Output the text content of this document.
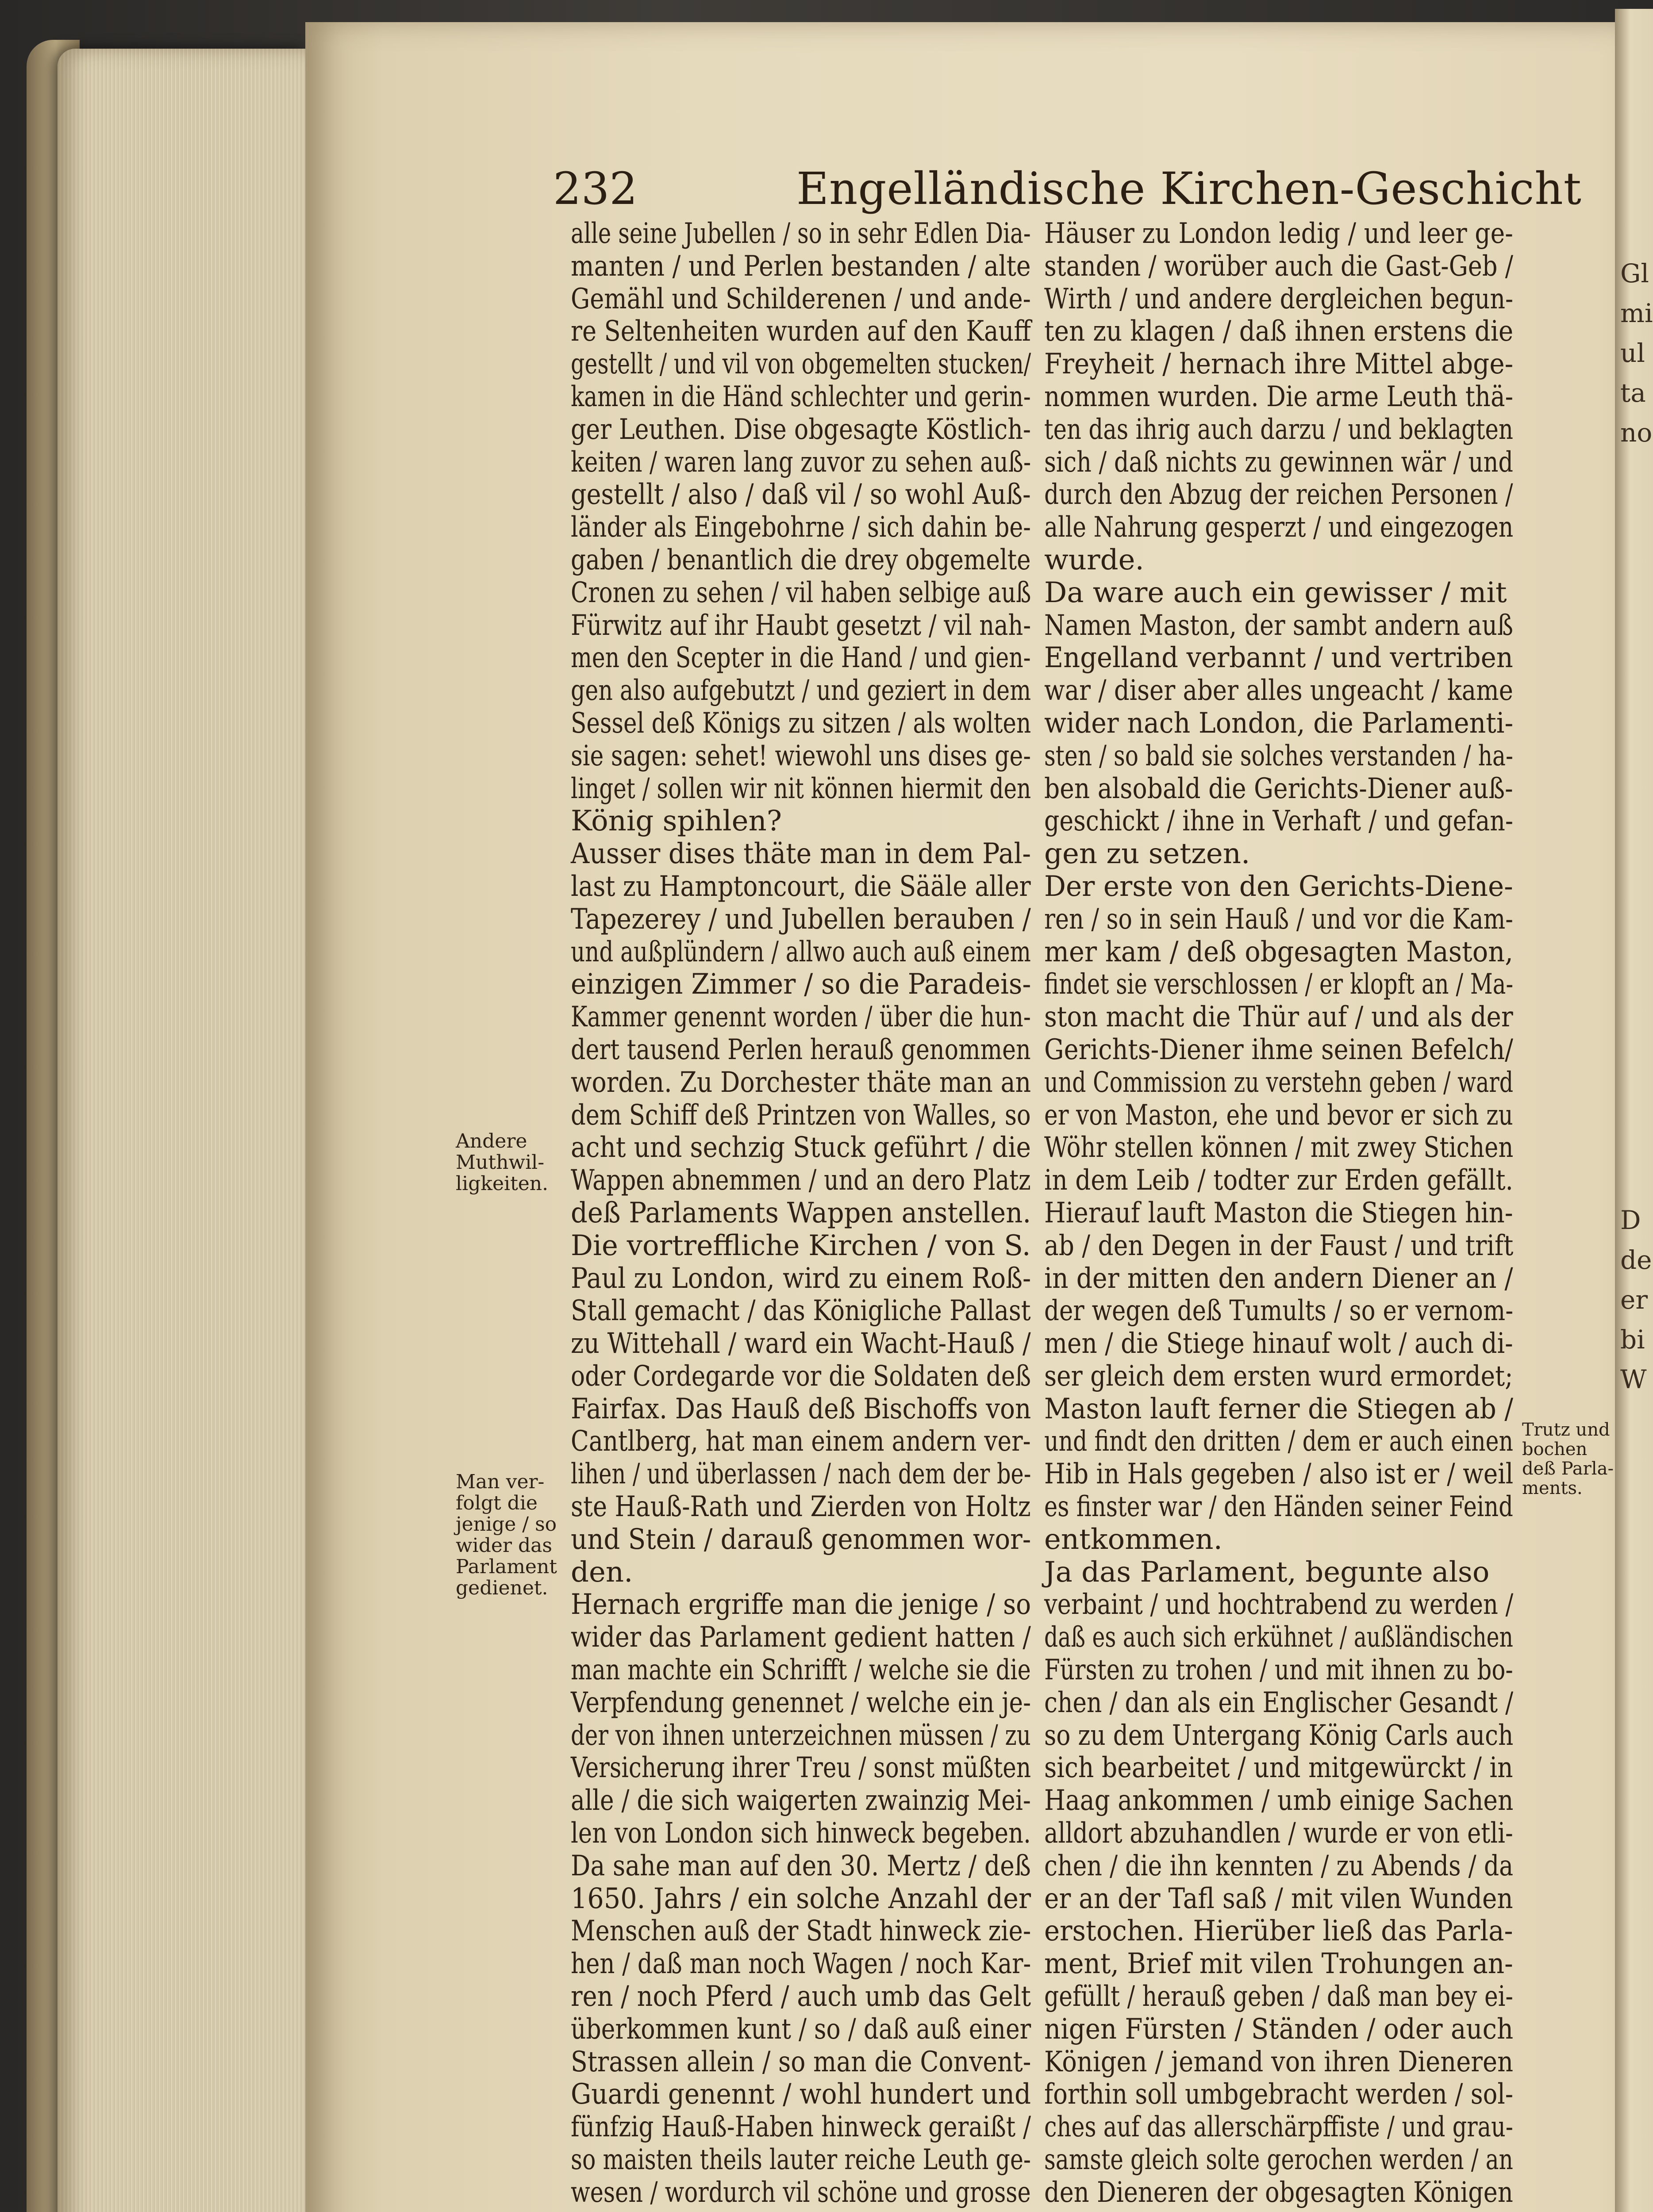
Gl
mi
ul
ta
no
D
de
er
bi
W
232	Engelländische Kirchen-Geschicht
alle seine Jubellen / so in sehr Edlen Dia-
manten / und Perlen bestanden / alte
Gemähl und Schilderenen / und ande-
re Seltenheiten wurden auf den Kauff
gestellt / und vil von obgemelten stucken/
kamen in die Händ schlechter und gerin-
ger Leuthen. Dise obgesagte Köstlich-
keiten / waren lang zuvor zu sehen auß-
gestellt / also / daß vil / so wohl Auß-
länder als Eingebohrne / sich dahin be-
gaben / benantlich die drey obgemelte
Cronen zu sehen / vil haben selbige auß
Fürwitz auf ihr Haubt gesetzt / vil nah-
men den Scepter in die Hand / und gien-
gen also aufgebutzt / und geziert in dem
Sessel deß Königs zu sitzen / als wolten
sie sagen: sehet! wiewohl uns dises ge-
linget / sollen wir nit können hiermit den
König spihlen?
Ausser dises thäte man in dem Pal-
last zu Hamptoncourt, die Sääle aller
Tapezerey / und Jubellen berauben /
und außplündern / allwo auch auß einem
einzigen Zimmer / so die Paradeis-
Kammer genennt worden / über die hun-
dert tausend Perlen herauß genommen
worden. Zu Dorchester thäte man an
dem Schiff deß Printzen von Walles, so
acht und sechzig Stuck geführt / die
Wappen abnemmen / und an dero Platz
deß Parlaments Wappen anstellen.
Die vortreffliche Kirchen / von S.
Paul zu London, wird zu einem Roß-
Stall gemacht / das Königliche Pallast
zu Wittehall / ward ein Wacht-Hauß /
oder Cordegarde vor die Soldaten deß
Fairfax. Das Hauß deß Bischoffs von
Cantlberg, hat man einem andern ver-
lihen / und überlassen / nach dem der be-
ste Hauß-Rath und Zierden von Holtz
und Stein / darauß genommen wor-
den.
Hernach ergriffe man die jenige / so
wider das Parlament gedient hatten /
man machte ein Schrifft / welche sie die
Verpfendung genennet / welche ein je-
der von ihnen unterzeichnen müssen / zu
Versicherung ihrer Treu / sonst müßten
alle / die sich waigerten zwainzig Mei-
len von London sich hinweck begeben.
Da sahe man auf den 30. Mertz / deß
1650. Jahrs / ein solche Anzahl der
Menschen auß der Stadt hinweck zie-
hen / daß man noch Wagen / noch Kar-
ren / noch Pferd / auch umb das Gelt
überkommen kunt / so / daß auß einer
Strassen allein / so man die Convent-
Guardi genennt / wohl hundert und
fünfzig Hauß-Haben hinweck geraißt /
so maisten theils lauter reiche Leuth ge-
wesen / wordurch vil schöne und grosse
Häuser zu London ledig / und leer ge-
standen / worüber auch die Gast-Geb /
Wirth / und andere dergleichen begun-
ten zu klagen / daß ihnen erstens die
Freyheit / hernach ihre Mittel abge-
nommen wurden. Die arme Leuth thä-
ten das ihrig auch darzu / und beklagten
sich / daß nichts zu gewinnen wär / und
durch den Abzug der reichen Personen /
alle Nahrung gesperzt / und eingezogen
wurde.
Da ware auch ein gewisser / mit
Namen Maston, der sambt andern auß
Engelland verbannt / und vertriben
war / diser aber alles ungeacht / kame
wider nach London, die Parlamenti-
sten / so bald sie solches verstanden / ha-
ben alsobald die Gerichts-Diener auß-
geschickt / ihne in Verhaft / und gefan-
gen zu setzen.
Der erste von den Gerichts-Diene-
ren / so in sein Hauß / und vor die Kam-
mer kam / deß obgesagten Maston,
findet sie verschlossen / er klopft an / Ma-
ston macht die Thür auf / und als der
Gerichts-Diener ihme seinen Befelch/
und Commission zu verstehn geben / ward
er von Maston, ehe und bevor er sich zu
Wöhr stellen können / mit zwey Stichen
in dem Leib / todter zur Erden gefällt.
Hierauf lauft Maston die Stiegen hin-
ab / den Degen in der Faust / und trift
in der mitten den andern Diener an /
der wegen deß Tumults / so er vernom-
men / die Stiege hinauf wolt / auch di-
ser gleich dem ersten wurd ermordet;
Maston lauft ferner die Stiegen ab /
und findt den dritten / dem er auch einen
Hib in Hals gegeben / also ist er / weil
es finster war / den Händen seiner Feind
entkommen.
Ja das Parlament, begunte also
verbaint / und hochtrabend zu werden /
daß es auch sich erkühnet / außländischen
Fürsten zu trohen / und mit ihnen zu bo-
chen / dan als ein Englischer Gesandt /
so zu dem Untergang König Carls auch
sich bearbeitet / und mitgewürckt / in
Haag ankommen / umb einige Sachen
alldort abzuhandlen / wurde er von etli-
chen / die ihn kennten / zu Abends / da
er an der Tafl saß / mit vilen Wunden
erstochen. Hierüber ließ das Parla-
ment, Brief mit vilen Trohungen an-
gefüllt / herauß geben / daß man bey ei-
nigen Fürsten / Ständen / oder auch
Königen / jemand von ihren Dieneren
forthin soll umbgebracht werden / sol-
ches auf das allerschärpffiste / und grau-
samste gleich solte gerochen werden / an
den Dieneren der obgesagten Königen
Andere
Muthwil-
ligkeiten.
Man ver-
folgt die
jenige / so
wider das
Parlament
gedienet.
Trutz und
bochen
deß Parla-
ments.
